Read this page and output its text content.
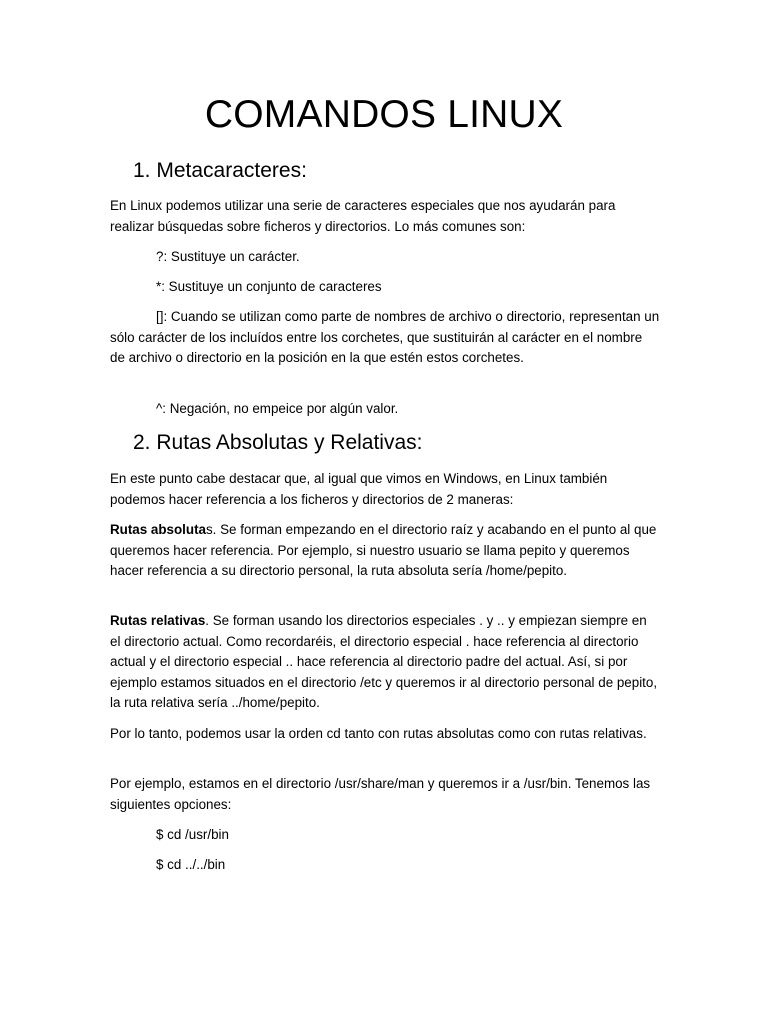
COMANDOS LINUX
1. Metacaracteres:

En Linux podemos utilizar una serie de caracteres especiales que nos ayudarán para realizar búsquedas sobre ficheros y directorios. Lo más comunes son:

?: Sustituye un carácter.

*: Sustituye un conjunto de caracteres

[]: Cuando se utilizan como parte de nombres de archivo o directorio, representan un sólo carácter de los incluídos entre los corchetes, que sustituirán al carácter en el nombre de archivo o directorio en la posición en la que estén estos corchetes.

^: Negación, no empeice por algún valor.

2. Rutas Absolutas y Relativas:

En este punto cabe destacar que, al igual que vimos en Windows, en Linux también podemos hacer referencia a los ficheros y directorios de 2 maneras:

Rutas absolutas. Se forman empezando en el directorio raíz y acabando en el punto al que queremos hacer referencia. Por ejemplo, si nuestro usuario se llama pepito y queremos hacer referencia a su directorio personal, la ruta absoluta sería /home/pepito.

Rutas relativas. Se forman usando los directorios especiales . y .. y empiezan siempre en el directorio actual. Como recordaréis, el directorio especial . hace referencia al directorio actual y el directorio especial .. hace referencia al directorio padre del actual. Así, si por ejemplo estamos situados en el directorio /etc y queremos ir al directorio personal de pepito, la ruta relativa sería ../home/pepito.

Por lo tanto, podemos usar la orden cd tanto con rutas absolutas como con rutas relativas.

Por ejemplo, estamos en el directorio /usr/share/man y queremos ir a /usr/bin. Tenemos las siguientes opciones:

$ cd /usr/bin

$ cd ../../bin
